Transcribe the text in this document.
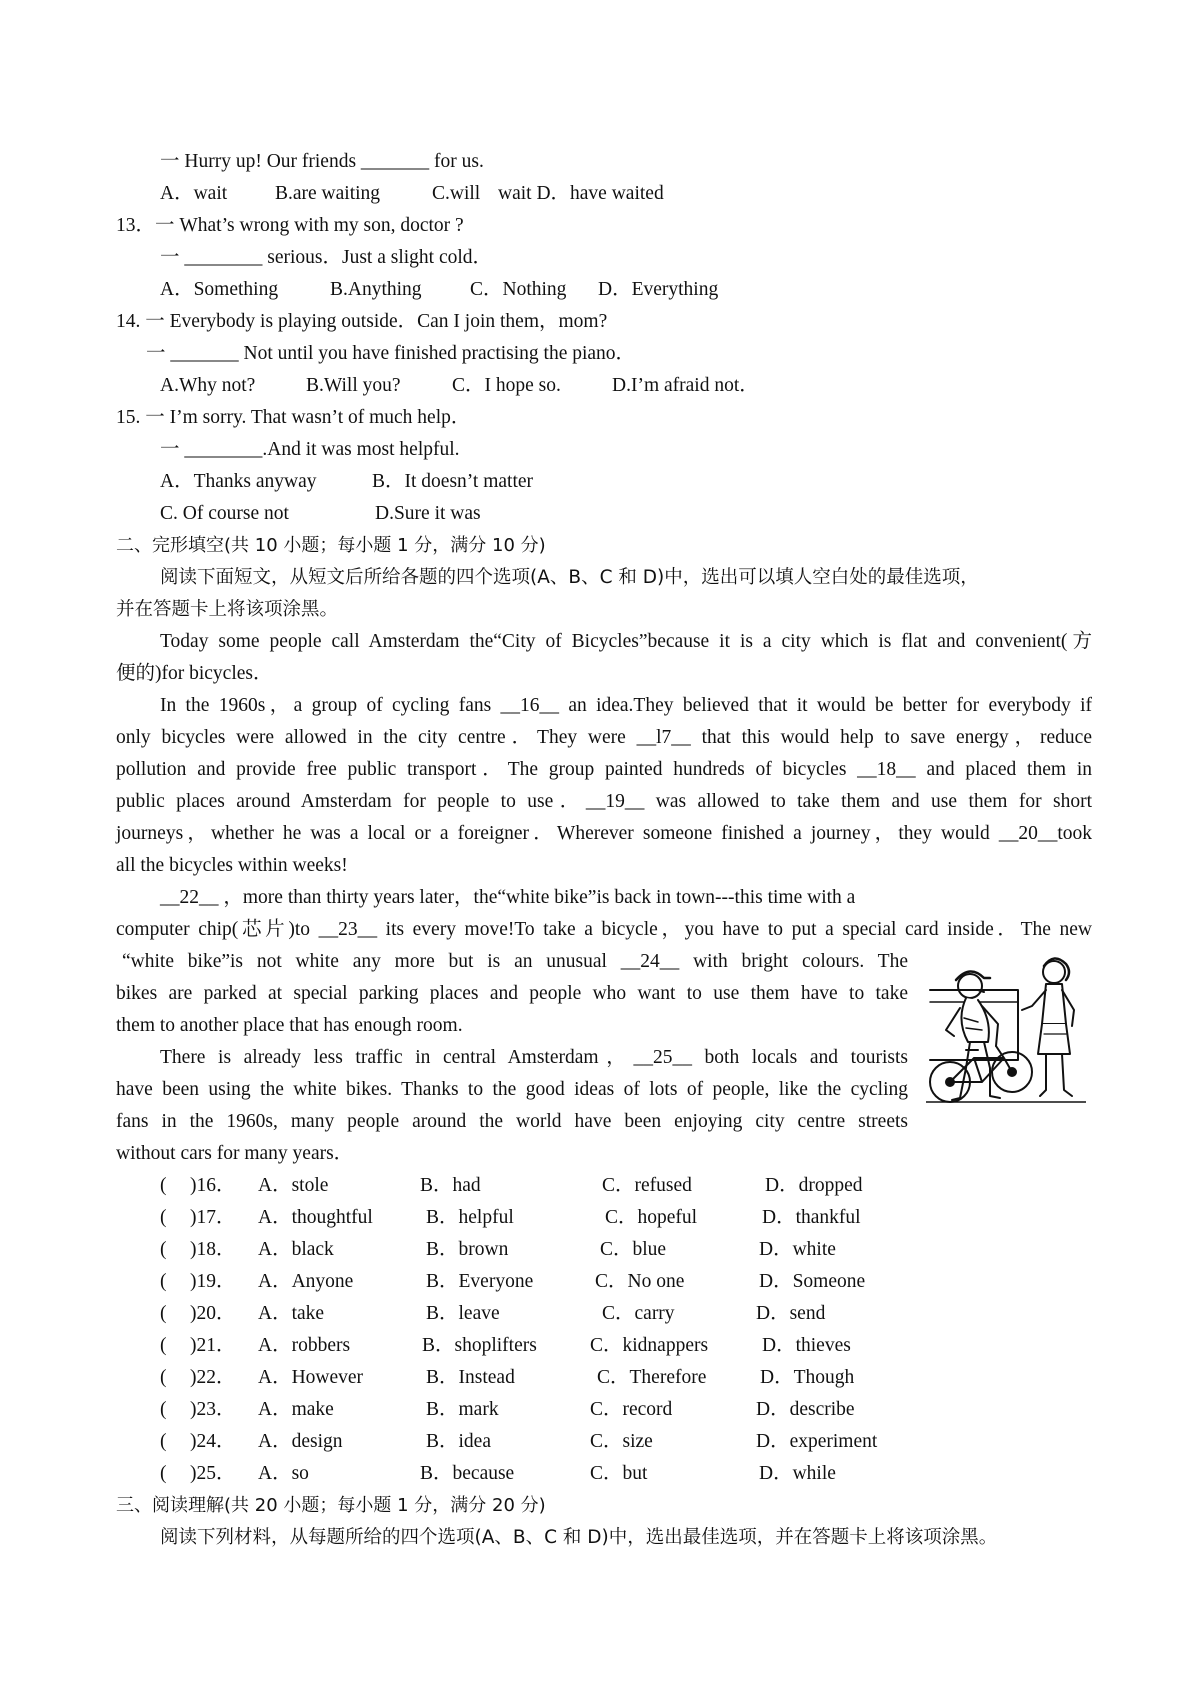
一 Hurry up! Our friends _______ for us.
A．wait B.are waiting	C.will wait D．have waited
13．一 What’s wrong with my son, doctor ?
一 ________ serious．Just a slight cold．
A．Something	B.Anything C．Nothing D．Everything
14. 一 Everybody is playing outside．Can I join them，mom?
一 _______ Not until you have finished practising the piano．
A.Why not?	B.Will you?	C．I hope so.	D.I’m afraid not．
15. 一 I’m sorry. That wasn’t of much help．
一 ________.And it was most helpful.
A．Thanks anyway	B．It doesn’t matter
C. Of course not	D.Sure it was
二、完形填空(共 10 小题；每小题 1 分，满分 10 分)
阅读下面短文，从短文后所给各题的四个选项(A、B、C 和 D)中，选出可以填人空白处的最佳选项，
并在答题卡上将该项涂黑。
Today some people call Amsterdam the“City of Bicycles”because it is a city which is flat and convenient(方
便的)for bicycles．
In the 1960s，a group of cycling fans __16__ an idea.They believed that it would be better for everybody if
only bicycles were allowed in the city centre．They were __l7__ that this would help to save energy，reduce
pollution and provide free public transport．The group painted hundreds of bicycles __18__ and placed them in
public places around Amsterdam for people to use．__19__ was allowed to take them and use them for short
journeys，whether he was a local or a foreigner．Wherever someone finished a journey，they would __20__took
all the bicycles within weeks!
__22__ ，more than thirty years later，the“white bike”is back in town---this time with a
computer chip(芯片)to __23__ its every move!To take a bicycle，you have to put a special card inside．The new
“white bike”is not white any more but is an unusual __24__ with bright colours. The
bikes are parked at special parking places and people who want to use them have to take
them to another place that has enough room.
There is already less traffic in central Amsterdam，__25__ both locals and tourists
have been using the white bikes. Thanks to the good ideas of lots of people, like the cycling
fans in the 1960s, many people around the world have been enjoying city centre streets
without cars for many years．
( )16． A．stole	B．had	C．refused	D．dropped
( )17． A．thoughtful	B．helpful	C．hopeful	D．thankful
( )18． A．black	B．brown	C．blue	D．white
( )19． A．Anyone	B．Everyone	C．No one	D．Someone
( )20． A．take	B．leave	C．carry	D．send
( )21． A．robbers	B．shoplifters	C．kidnappers	D．thieves
( )22． A．However	B．Instead	C．Therefore	D．Though
( )23． A．make	B．mark	C．record	D．describe
( )24． A．design	B．idea	C．size	D．experiment
( )25． A．so	B．because	C．but	D．while
三、阅读理解(共 20 小题；每小题 1 分，满分 20 分)
阅读下列材料，从每题所给的四个选项(A、B、C 和 D)中，选出最佳选项，并在答题卡上将该项涂黑。
